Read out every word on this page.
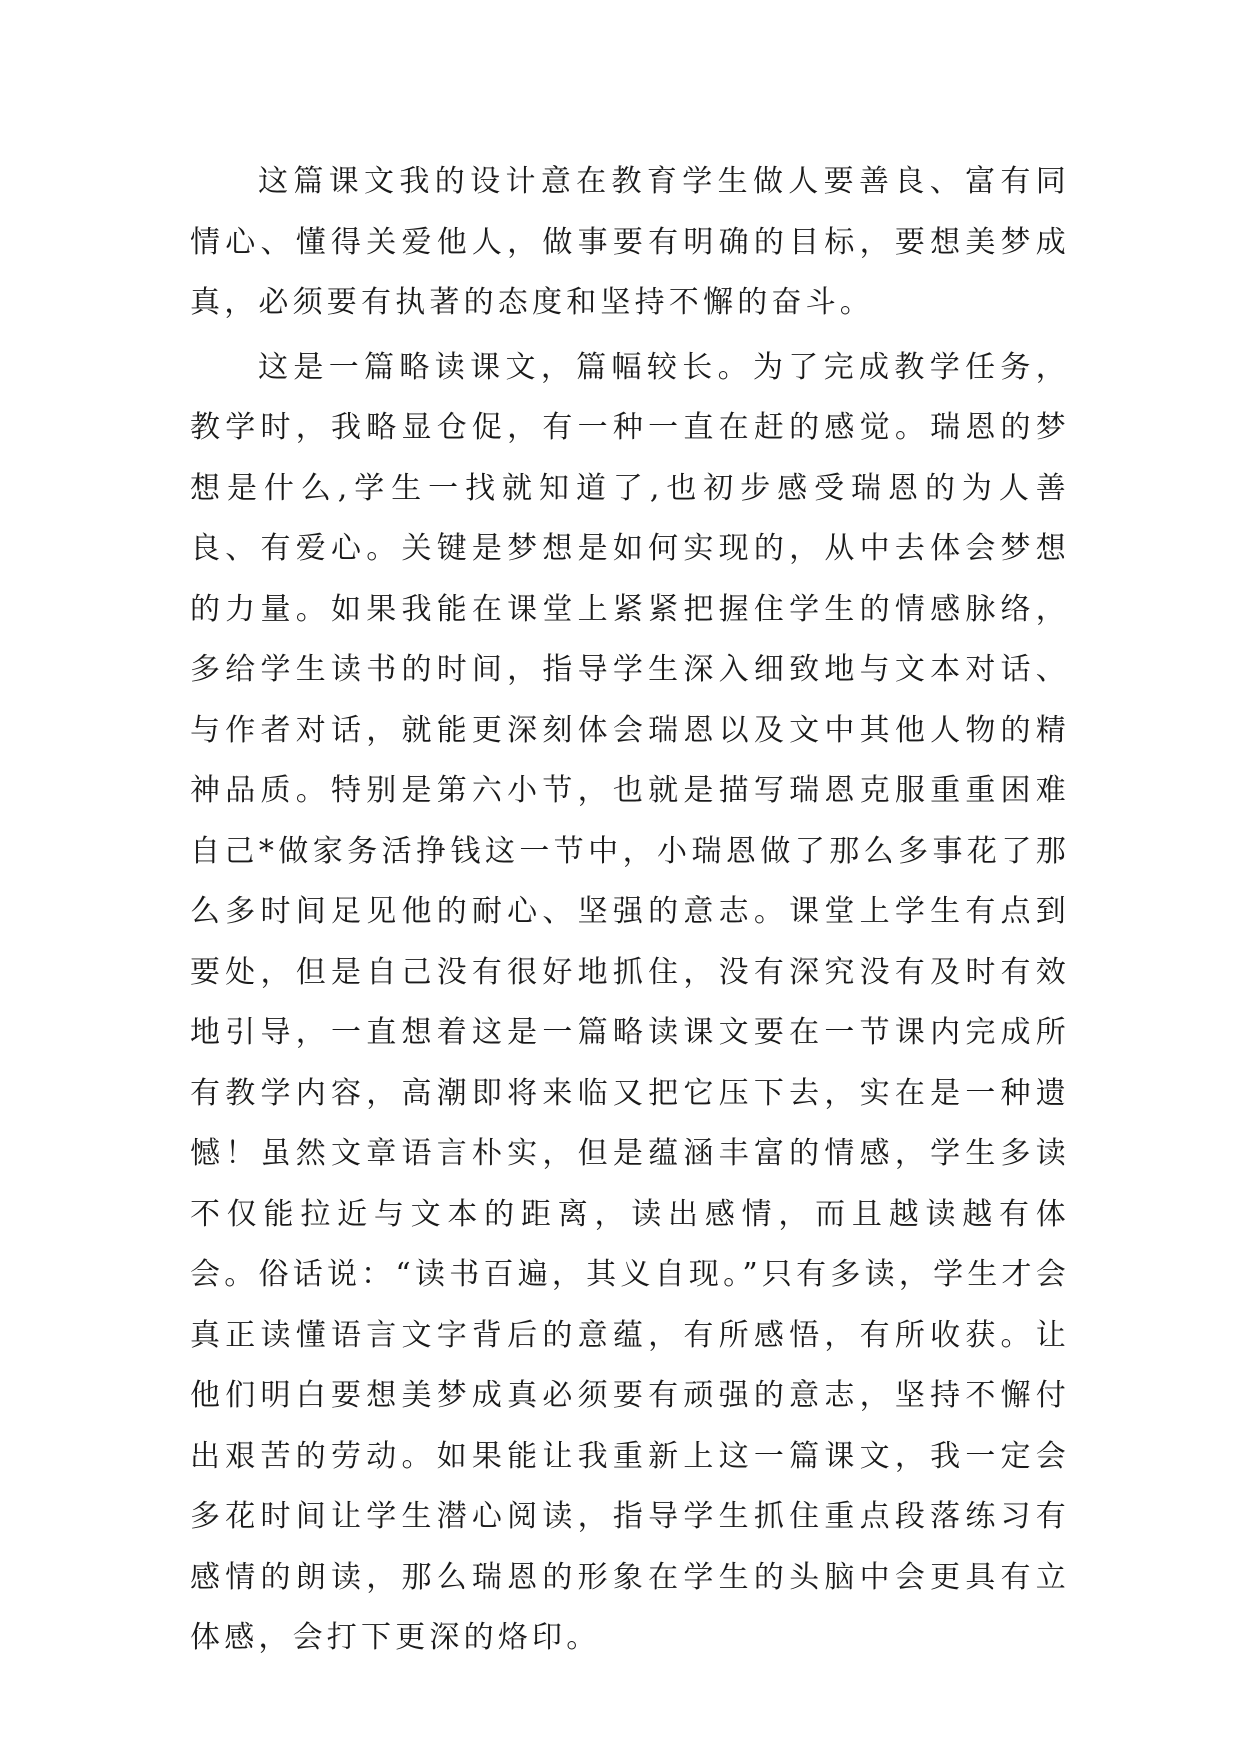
这篇课文我的设计意在教育学生做人要善良、富有同情心、懂得关爱他人，做事要有明确的目标，要想美梦成真，必须要有执著的态度和坚持不懈的奋斗。

这是一篇略读课文，篇幅较长。为了完成教学任务，教学时，我略显仓促，有一种一直在赶的感觉。瑞恩的梦想是什么,学生一找就知道了,也初步感受瑞恩的为人善良、有爱心。关键是梦想是如何实现的，从中去体会梦想的力量。如果我能在课堂上紧紧把握住学生的情感脉络，多给学生读书的时间，指导学生深入细致地与文本对话、与作者对话，就能更深刻体会瑞恩以及文中其他人物的精神品质。特别是第六小节，也就是描写瑞恩克服重重困难自己*做家务活挣钱这一节中，小瑞恩做了那么多事花了那么多时间足见他的耐心、坚强的意志。课堂上学生有点到要处，但是自己没有很好地抓住，没有深究没有及时有效地引导，一直想着这是一篇略读课文要在一节课内完成所有教学内容，高潮即将来临又把它压下去，实在是一种遗憾！虽然文章语言朴实，但是蕴涵丰富的情感，学生多读不仅能拉近与文本的距离，读出感情，而且越读越有体会。俗话说：“读书百遍，其义自现。”只有多读，学生才会真正读懂语言文字背后的意蕴，有所感悟，有所收获。让他们明白要想美梦成真必须要有顽强的意志，坚持不懈付出艰苦的劳动。如果能让我重新上这一篇课文，我一定会多花时间让学生潜心阅读，指导学生抓住重点段落练习有感情的朗读，那么瑞恩的形象在学生的头脑中会更具有立体感，会打下更深的烙印。
